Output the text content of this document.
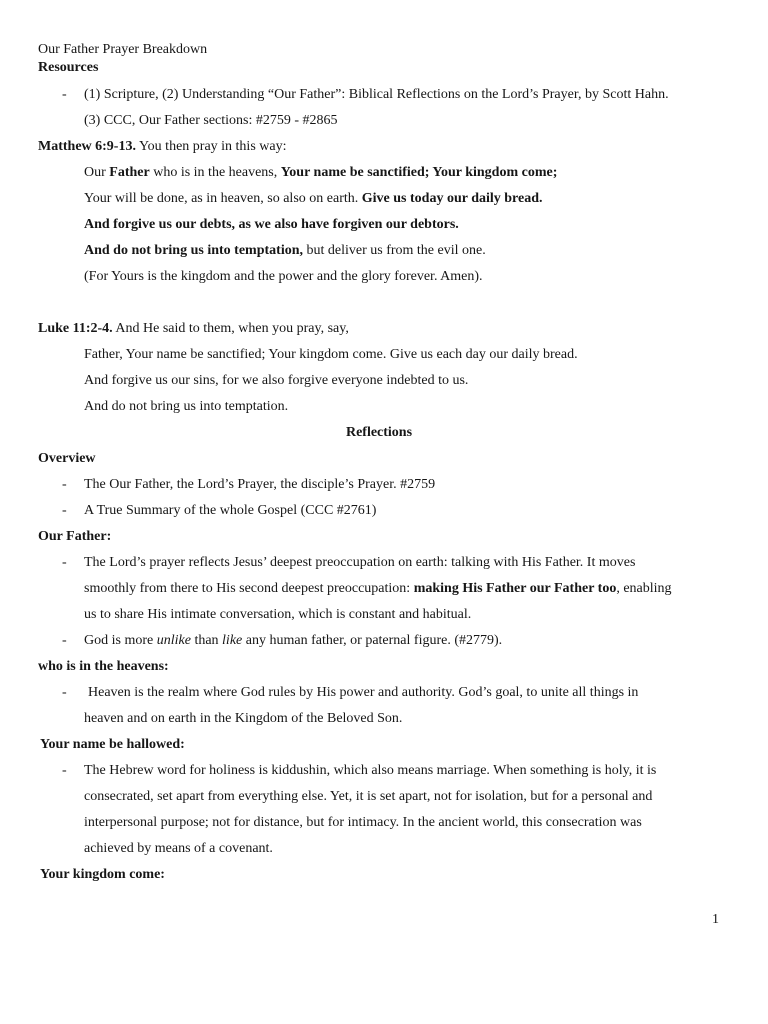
Our Father Prayer Breakdown
Resources
- (1) Scripture, (2) Understanding “Our Father”: Biblical Reflections on the Lord’s Prayer, by Scott Hahn.
(3) CCC, Our Father sections: #2759 - #2865
Matthew 6:9-13. You then pray in this way:
Our Father who is in the heavens, Your name be sanctified; Your kingdom come;
Your will be done, as in heaven, so also on earth. Give us today our daily bread.
And forgive us our debts, as we also have forgiven our debtors.
And do not bring us into temptation, but deliver us from the evil one.
(For Yours is the kingdom and the power and the glory forever. Amen).
Luke 11:2-4. And He said to them, when you pray, say,
Father, Your name be sanctified; Your kingdom come. Give us each day our daily bread.
And forgive us our sins, for we also forgive everyone indebted to us.
And do not bring us into temptation.
Reflections
Overview
- The Our Father, the Lord’s Prayer, the disciple’s Prayer. #2759
- A True Summary of the whole Gospel (CCC #2761)
Our Father:
- The Lord’s prayer reflects Jesus’ deepest preoccupation on earth: talking with His Father. It moves
smoothly from there to His second deepest preoccupation: making His Father our Father too, enabling
us to share His intimate conversation, which is constant and habitual.
- God is more unlike than like any human father, or paternal figure. (#2779).
who is in the heavens:
- Heaven is the realm where God rules by His power and authority. God’s goal, to unite all things in
heaven and on earth in the Kingdom of the Beloved Son.
Your name be hallowed:
- The Hebrew word for holiness is kiddushin, which also means marriage. When something is holy, it is
consecrated, set apart from everything else. Yet, it is set apart, not for isolation, but for a personal and
interpersonal purpose; not for distance, but for intimacy. In the ancient world, this consecration was
achieved by means of a covenant.
Your kingdom come:
1
